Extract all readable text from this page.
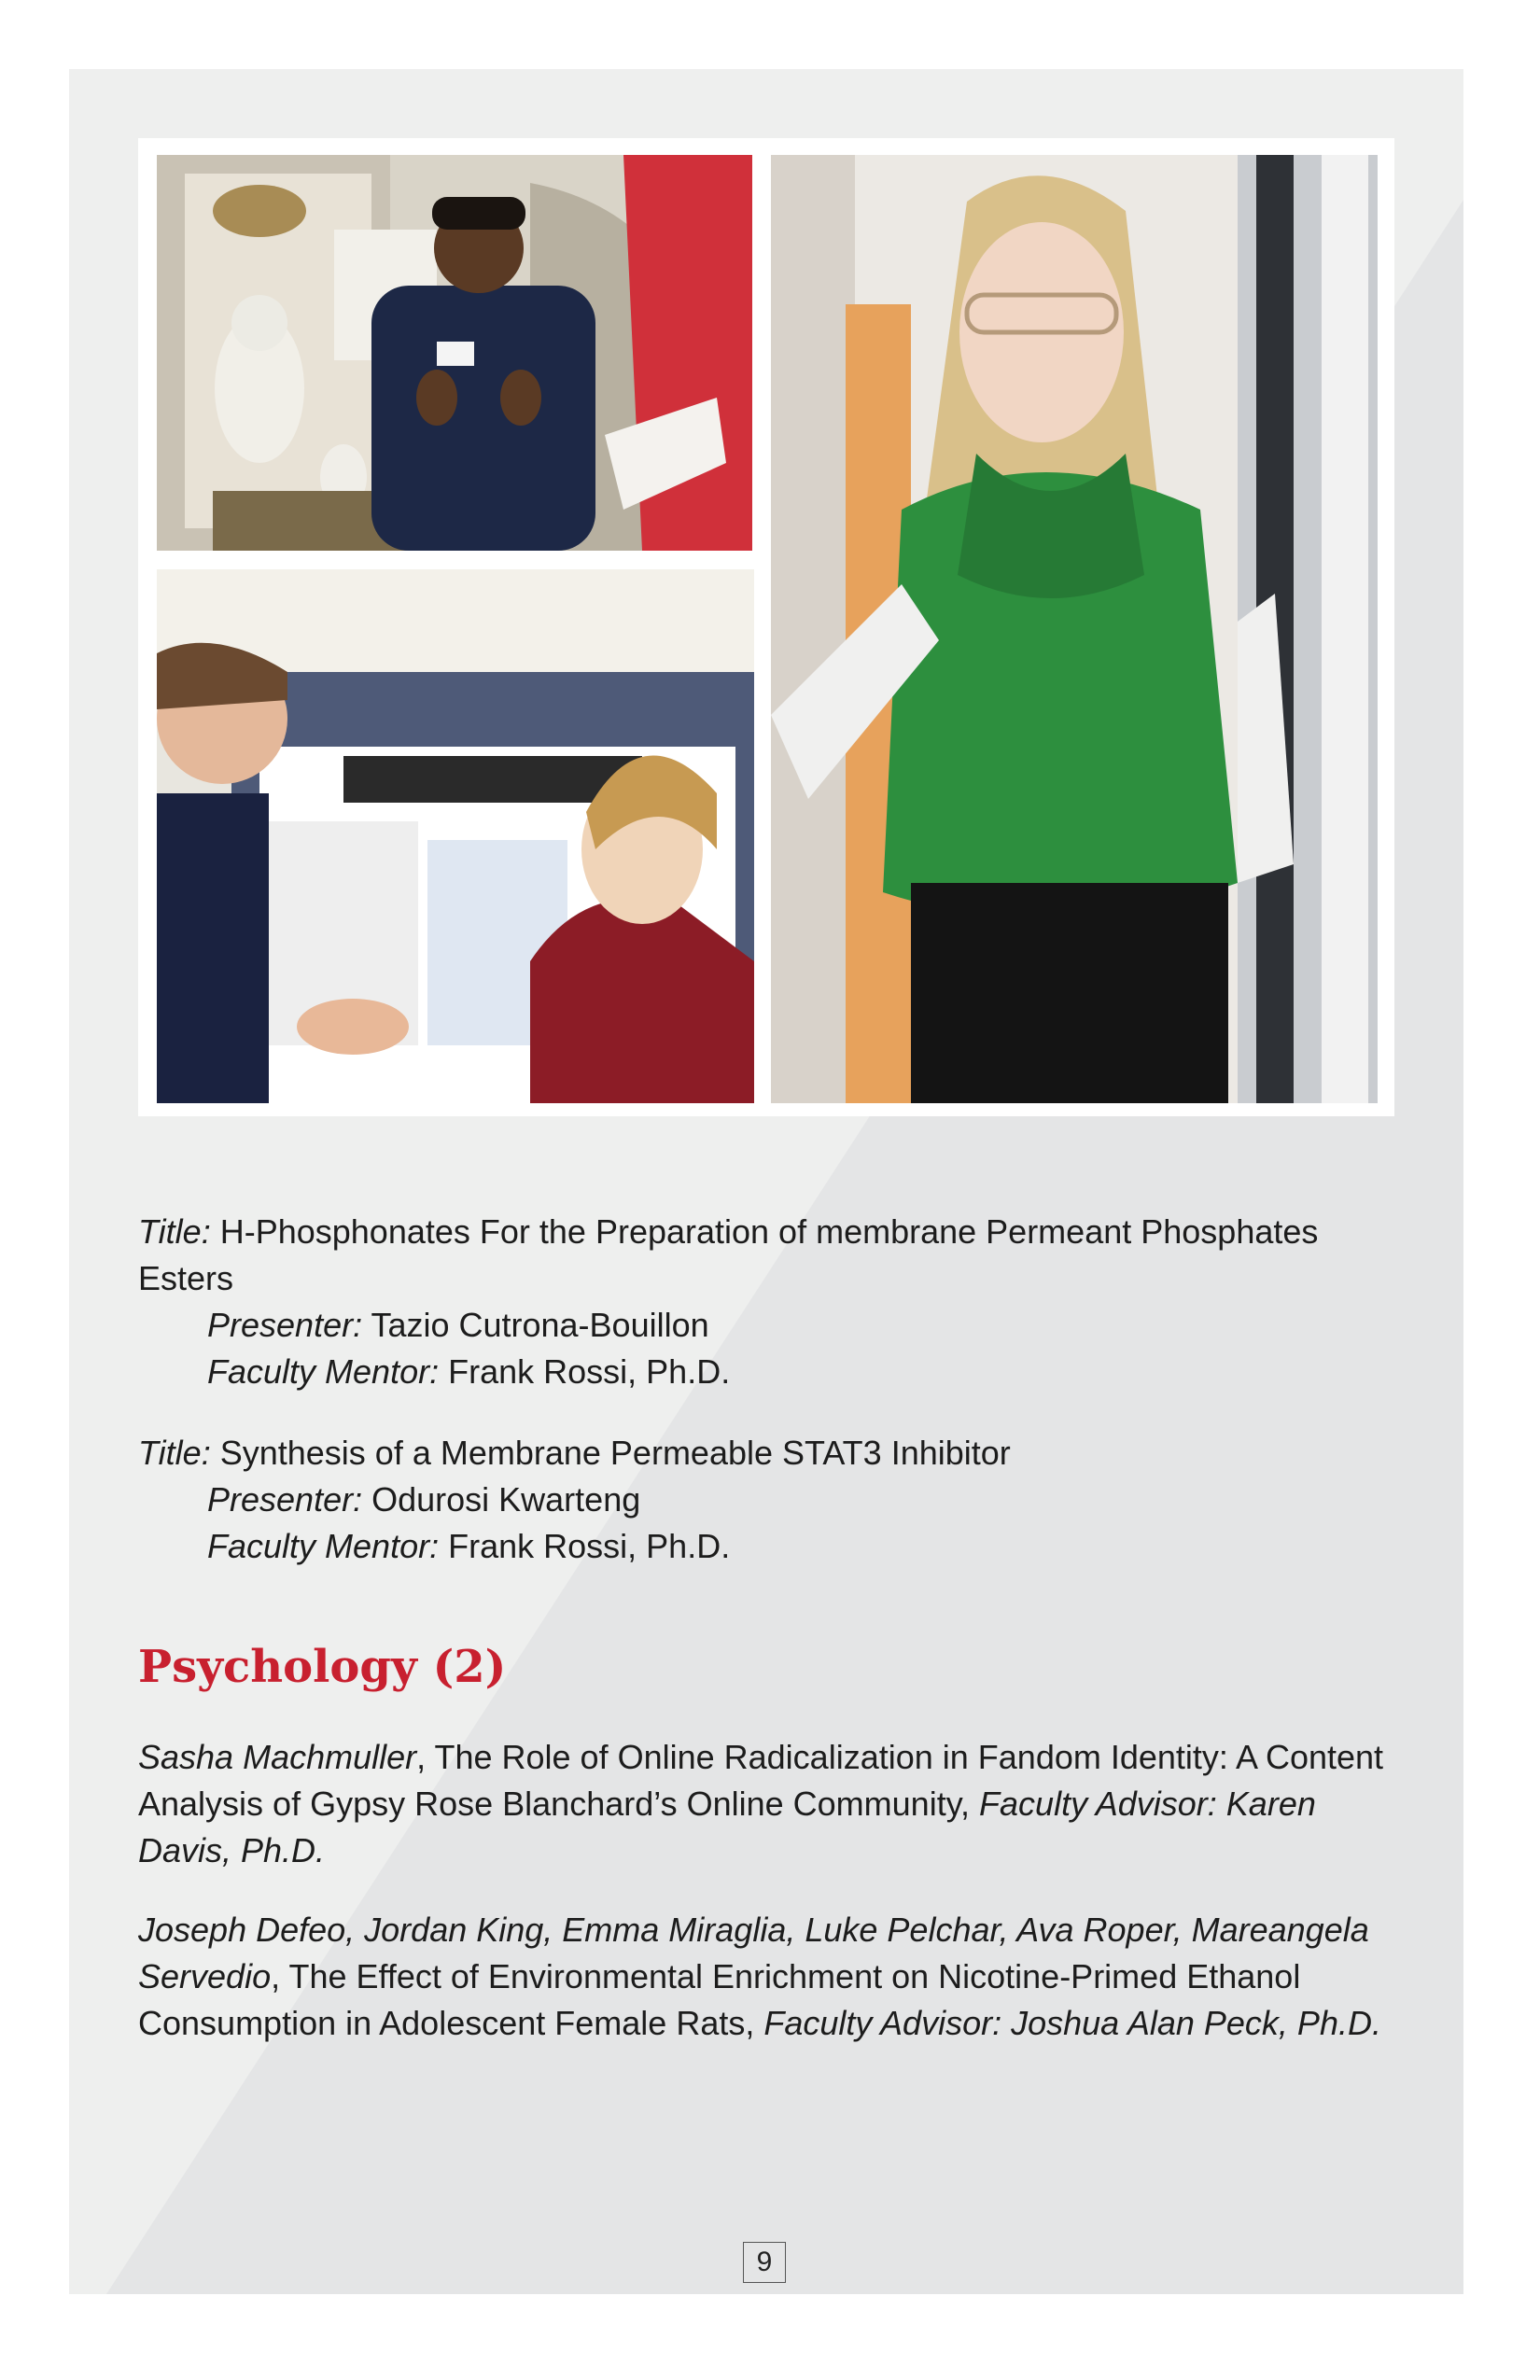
Title: H-Phosphonates For the Preparation of membrane Permeant Phosphates Esters

Presenter: Tazio Cutrona-Bouillon

Faculty Mentor: Frank Rossi, Ph.D.

Title: Synthesis of a Membrane Permeable STAT3 Inhibitor

Presenter: Odurosi Kwarteng

Faculty Mentor: Frank Rossi, Ph.D.

Psychology (2)

Sasha Machmuller, The Role of Online Radicalization in Fandom Identity: A Content Analysis of Gypsy Rose Blanchard’s Online Community, Faculty Advisor: Karen Davis, Ph.D.

Joseph Defeo, Jordan King, Emma Miraglia, Luke Pelchar, Ava Roper, Mareangela Servedio, The Effect of Environmental Enrichment on Nicotine-Primed Ethanol Consumption in Adolescent Female Rats, Faculty Advisor: Joshua Alan Peck, Ph.D.

9
